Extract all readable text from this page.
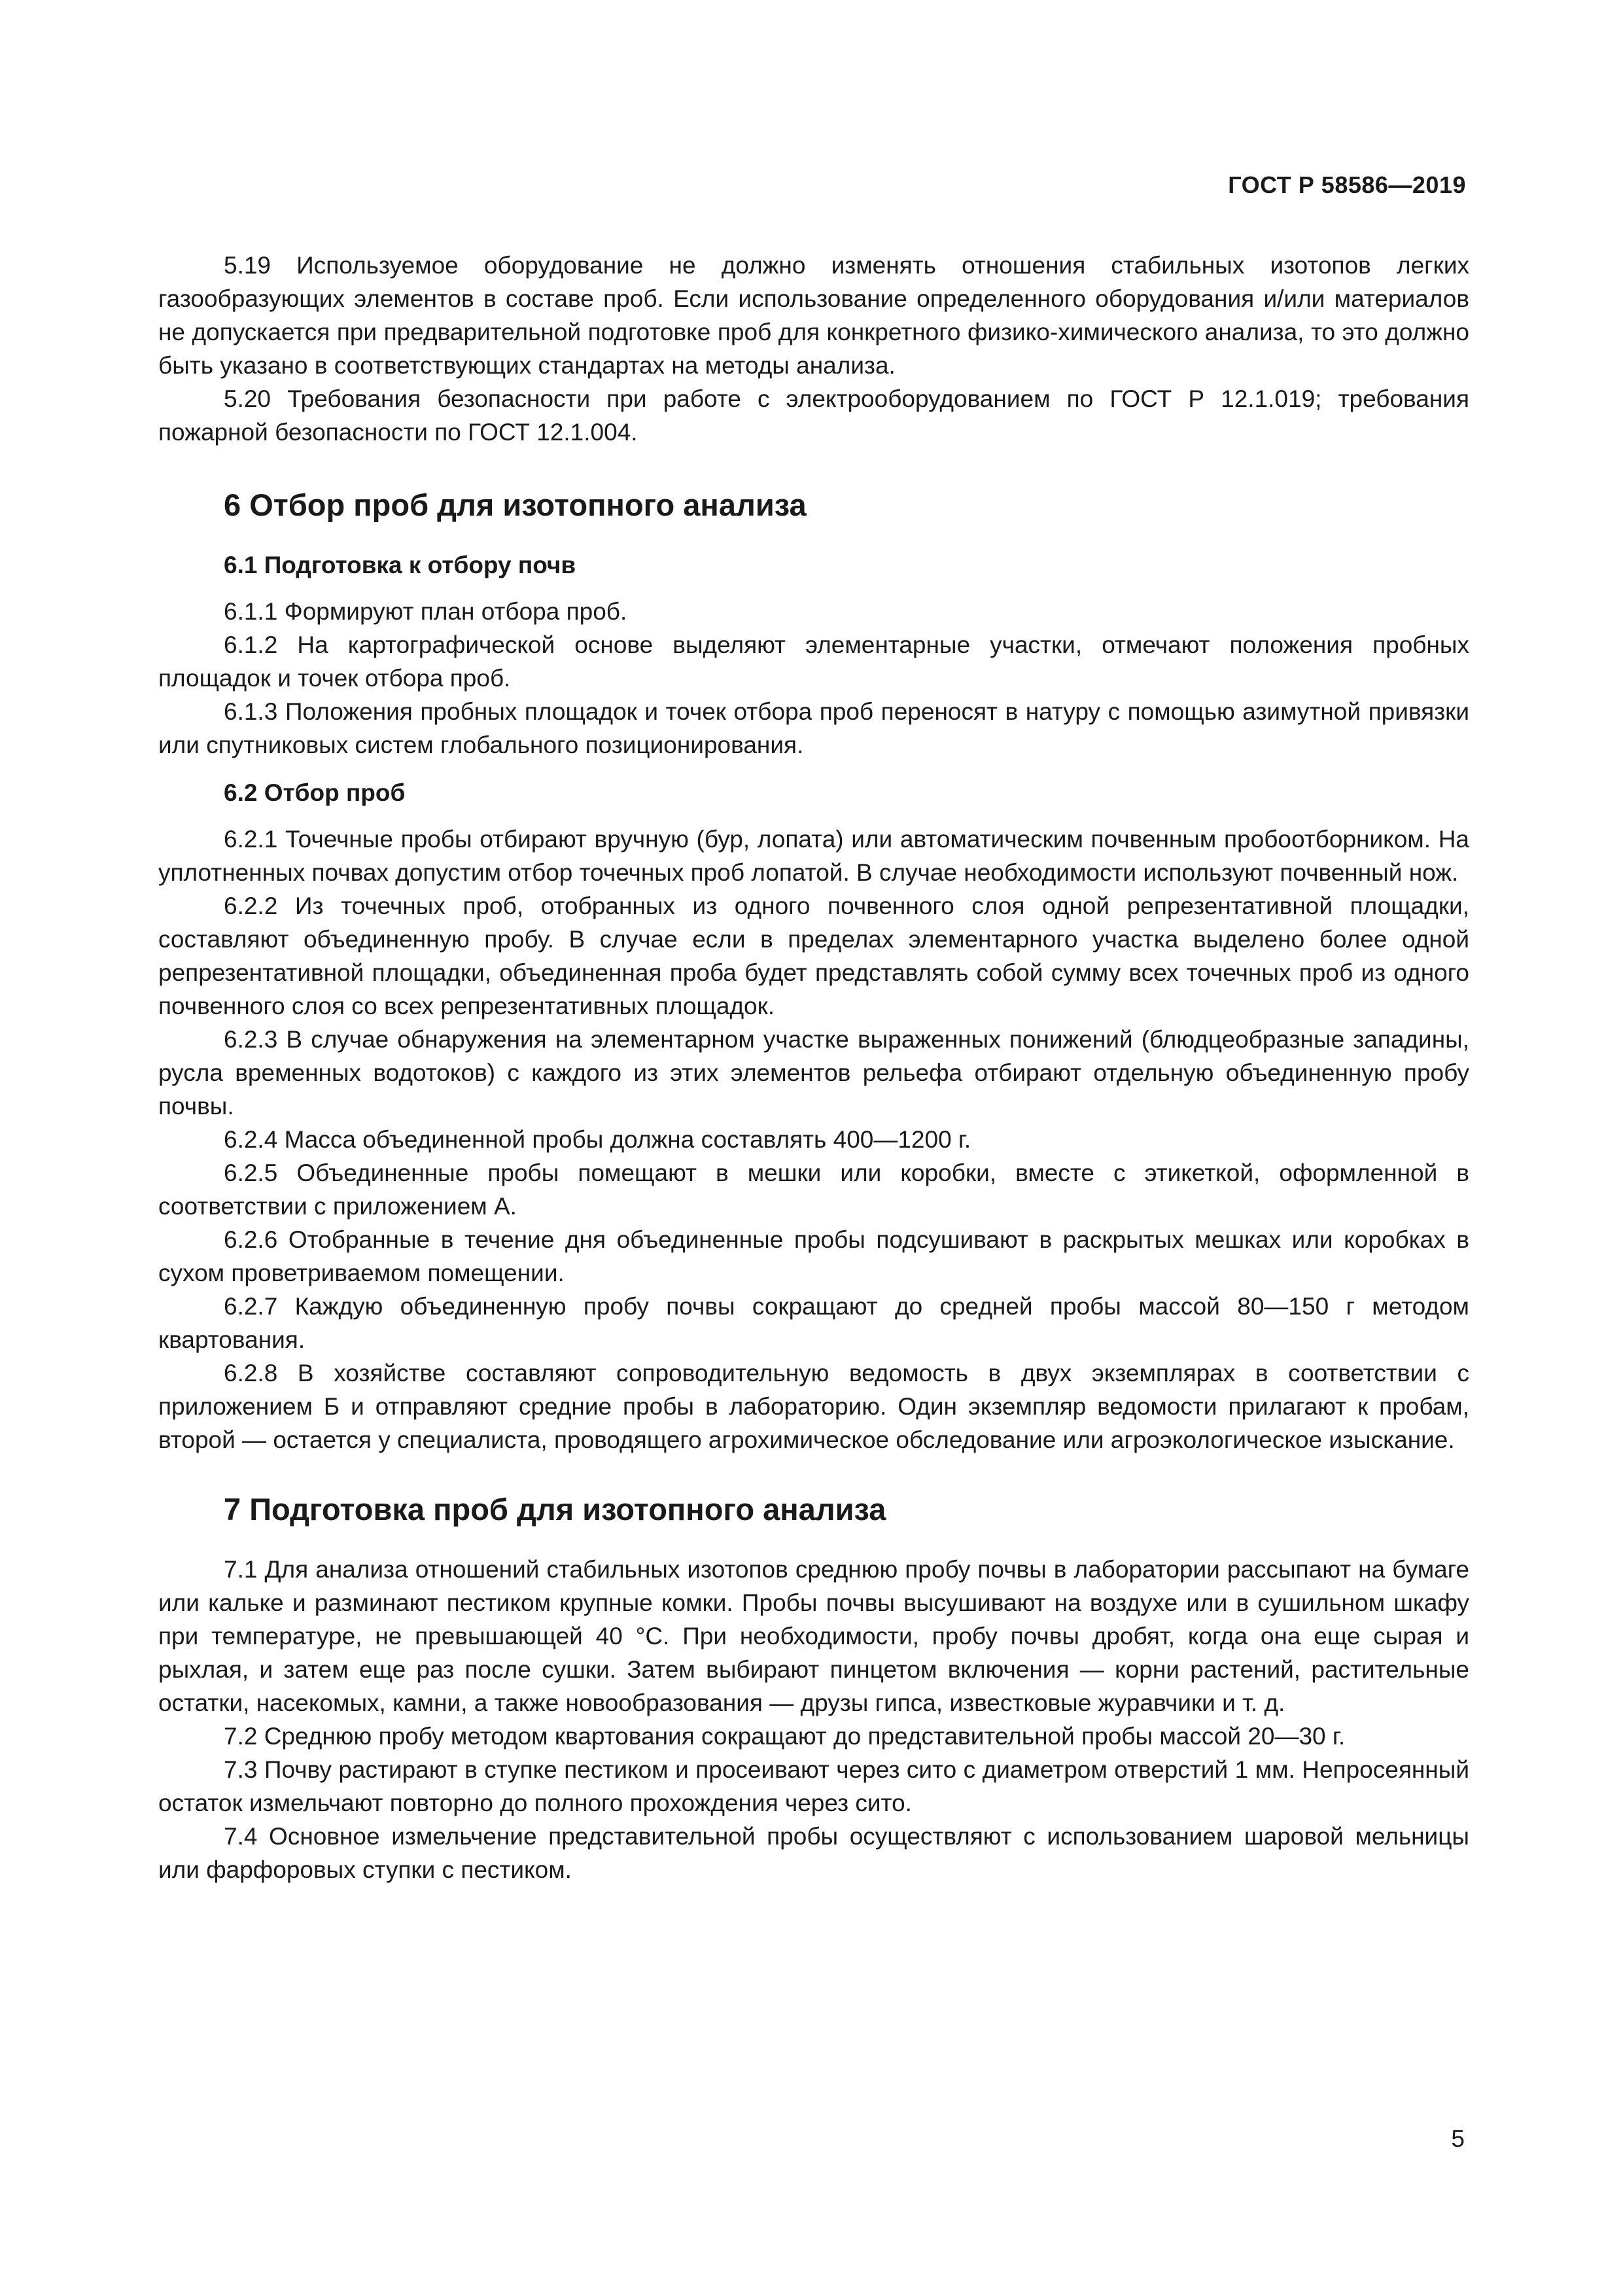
ГОСТ Р 58586—2019

5.19 Используемое оборудование не должно изменять отношения стабильных изотопов легких газообразующих элементов в составе проб. Если использование определенного оборудования и/или материалов не допускается при предварительной подготовке проб для конкретного физико-химического анализа, то это должно быть указано в соответствующих стандартах на методы анализа.

5.20 Требования безопасности при работе с электрооборудованием по ГОСТ Р 12.1.019; требования пожарной безопасности по ГОСТ 12.1.004.

6 Отбор проб для изотопного анализа
6.1 Подготовка к отбору почв

6.1.1 Формируют план отбора проб.

6.1.2 На картографической основе выделяют элементарные участки, отмечают положения пробных площадок и точек отбора проб.

6.1.3 Положения пробных площадок и точек отбора проб переносят в натуру с помощью азимутной привязки или спутниковых систем глобального позиционирования.

6.2 Отбор проб

6.2.1 Точечные пробы отбирают вручную (бур, лопата) или автоматическим почвенным пробоотборником. На уплотненных почвах допустим отбор точечных проб лопатой. В случае необходимости используют почвенный нож.

6.2.2 Из точечных проб, отобранных из одного почвенного слоя одной репрезентативной площадки, составляют объединенную пробу. В случае если в пределах элементарного участка выделено более одной репрезентативной площадки, объединенная проба будет представлять собой сумму всех точечных проб из одного почвенного слоя со всех репрезентативных площадок.

6.2.3 В случае обнаружения на элементарном участке выраженных понижений (блюдцеобразные западины, русла временных водотоков) с каждого из этих элементов рельефа отбирают отдельную объединенную пробу почвы.

6.2.4 Масса объединенной пробы должна составлять 400—1200 г.

6.2.5 Объединенные пробы помещают в мешки или коробки, вместе с этикеткой, оформленной в соответствии с приложением А.

6.2.6 Отобранные в течение дня объединенные пробы подсушивают в раскрытых мешках или коробках в сухом проветриваемом помещении.

6.2.7 Каждую объединенную пробу почвы сокращают до средней пробы массой 80—150 г методом квартования.

6.2.8 В хозяйстве составляют сопроводительную ведомость в двух экземплярах в соответствии с приложением Б и отправляют средние пробы в лабораторию. Один экземпляр ведомости прилагают к пробам, второй — остается у специалиста, проводящего агрохимическое обследование или агроэкологическое изыскание.

7 Подготовка проб для изотопного анализа

7.1 Для анализа отношений стабильных изотопов среднюю пробу почвы в лаборатории рассыпают на бумаге или кальке и разминают пестиком крупные комки. Пробы почвы высушивают на воздухе или в сушильном шкафу при температуре, не превышающей 40 °С. При необходимости, пробу почвы дробят, когда она еще сырая и рыхлая, и затем еще раз после сушки. Затем выбирают пинцетом включения — корни растений, растительные остатки, насекомых, камни, а также новообразования — друзы гипса, известковые журавчики и т. д.

7.2 Среднюю пробу методом квартования сокращают до представительной пробы массой 20—30 г.

7.3 Почву растирают в ступке пестиком и просеивают через сито с диаметром отверстий 1 мм. Непросеянный остаток измельчают повторно до полного прохождения через сито.

7.4 Основное измельчение представительной пробы осуществляют с использованием шаровой мельницы или фарфоровых ступки с пестиком.

5
